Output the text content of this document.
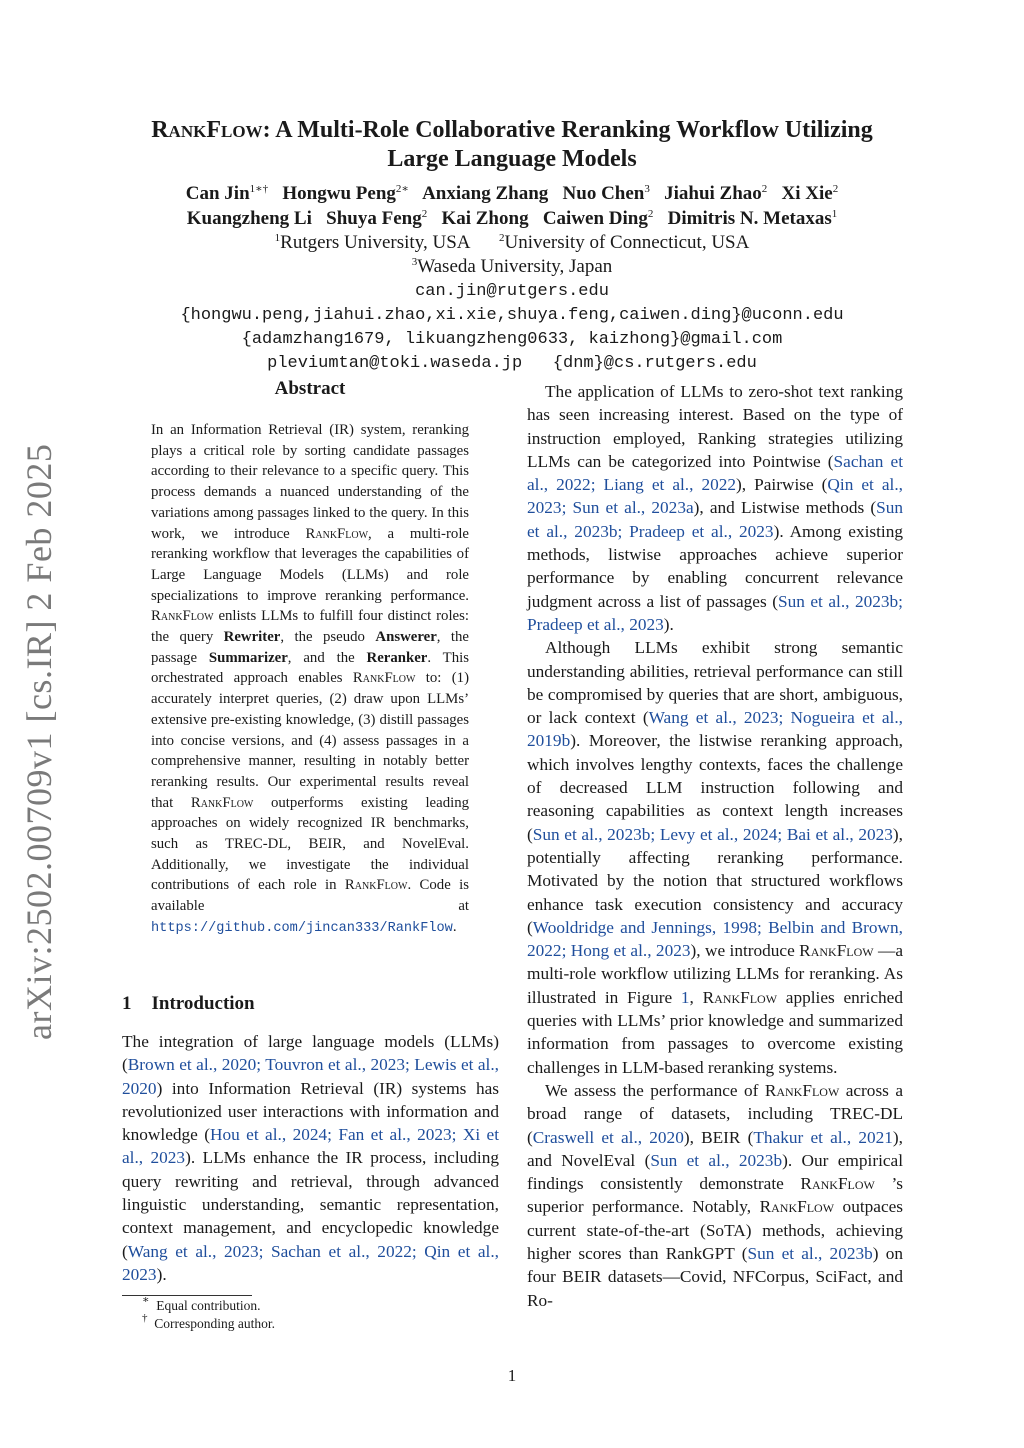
arXiv:2502.00709v1 [cs.IR] 2 Feb 2025
RankFlow: A Multi-Role Collaborative Reranking Workflow Utilizing
Large Language Models
Can Jin$^{1∗\dagger}$ Hongwu Peng$^{2∗}$ Anxiang Zhang Nuo Chen$^3$ Jiahui Zhao$^2$ Xi Xie$^2$
Kuangzheng Li Shuya Feng$^2$ Kai Zhong Caiwen Ding$^2$ Dimitris N. Metaxas$^1$
$^1$Rutgers University, USA	$^2$University of Connecticut, USA
$^3$Waseda University, Japan
can.jin@rutgers.edu
{hongwu.peng,jiahui.zhao,xi.xie,shuya.feng,caiwen.ding}@uconn.edu
{adamzhang1679, likuangzheng0633, kaizhong}@gmail.com
pleviumtan@toki.waseda.jp {dnm}@cs.rutgers.edu
Abstract
In an Information Retrieval (IR) system, reranking plays a critical role by sorting candidate passages according to their relevance to a specific query. This process demands a nuanced understanding of the variations among passages linked to the query. In this work, we introduce RankFlow, a multi-role reranking workflow that leverages the capabilities of Large Language Models (LLMs) and role specializations to improve reranking performance. RankFlow enlists LLMs to fulfill four distinct roles: the query Rewriter, the pseudo Answerer, the passage Summarizer, and the Reranker. This orchestrated approach enables RankFlow to: (1) accurately interpret queries, (2) draw upon LLMs’ extensive pre-existing knowledge, (3) distill passages into concise versions, and (4) assess passages in a comprehensive manner, resulting in notably better reranking results. Our experimental results reveal that RankFlow outperforms existing leading approaches on widely recognized IR benchmarks, such as TREC-DL, BEIR, and NovelEval. Additionally, we investigate the individual contributions of each role in RankFlow. Code is available at https://github.com/jincan333/RankFlow.
1 Introduction
The integration of large language models (LLMs) (Brown et al., 2020; Touvron et al., 2023; Lewis et al., 2020) into Information Retrieval (IR) systems has revolutionized user interactions with information and knowledge (Hou et al., 2024; Fan et al., 2023; Xi et al., 2023). LLMs enhance the IR process, including query rewriting and retrieval, through advanced linguistic understanding, semantic representation, context management, and encyclopedic knowledge (Wang et al., 2023; Sachan et al., 2022; Qin et al., 2023).
∗ Equal contribution.
† Corresponding author.

The application of LLMs to zero-shot text ranking has seen increasing interest. Based on the type of instruction employed, Ranking strategies utilizing LLMs can be categorized into Pointwise (Sachan et al., 2022; Liang et al., 2022), Pairwise (Qin et al., 2023; Sun et al., 2023a), and Listwise methods (Sun et al., 2023b; Pradeep et al., 2023). Among existing methods, listwise approaches achieve superior performance by enabling concurrent relevance judgment across a list of passages (Sun et al., 2023b; Pradeep et al., 2023).

Although LLMs exhibit strong semantic understanding abilities, retrieval performance can still be compromised by queries that are short, ambiguous, or lack context (Wang et al., 2023; Nogueira et al., 2019b). Moreover, the listwise reranking approach, which involves lengthy contexts, faces the challenge of decreased LLM instruction following and reasoning capabilities as context length increases (Sun et al., 2023b; Levy et al., 2024; Bai et al., 2023), potentially affecting reranking performance. Motivated by the notion that structured workflows enhance task execution consistency and accuracy (Wooldridge and Jennings, 1998; Belbin and Brown, 2022; Hong et al., 2023), we introduce RankFlow —a multi-role workflow utilizing LLMs for reranking. As illustrated in Figure 1, RankFlow applies enriched queries with LLMs’ prior knowledge and summarized information from passages to overcome existing challenges in LLM-based reranking systems.

We assess the performance of RankFlow across a broad range of datasets, including TREC-DL (Craswell et al., 2020), BEIR (Thakur et al., 2021), and NovelEval (Sun et al., 2023b). Our empirical findings consistently demonstrate RankFlow ’s superior performance. Notably, RankFlow outpaces current state-of-the-art (SoTA) methods, achieving higher scores than RankGPT (Sun et al., 2023b) on four BEIR datasets—Covid, NFCorpus, SciFact, and Ro-

1
